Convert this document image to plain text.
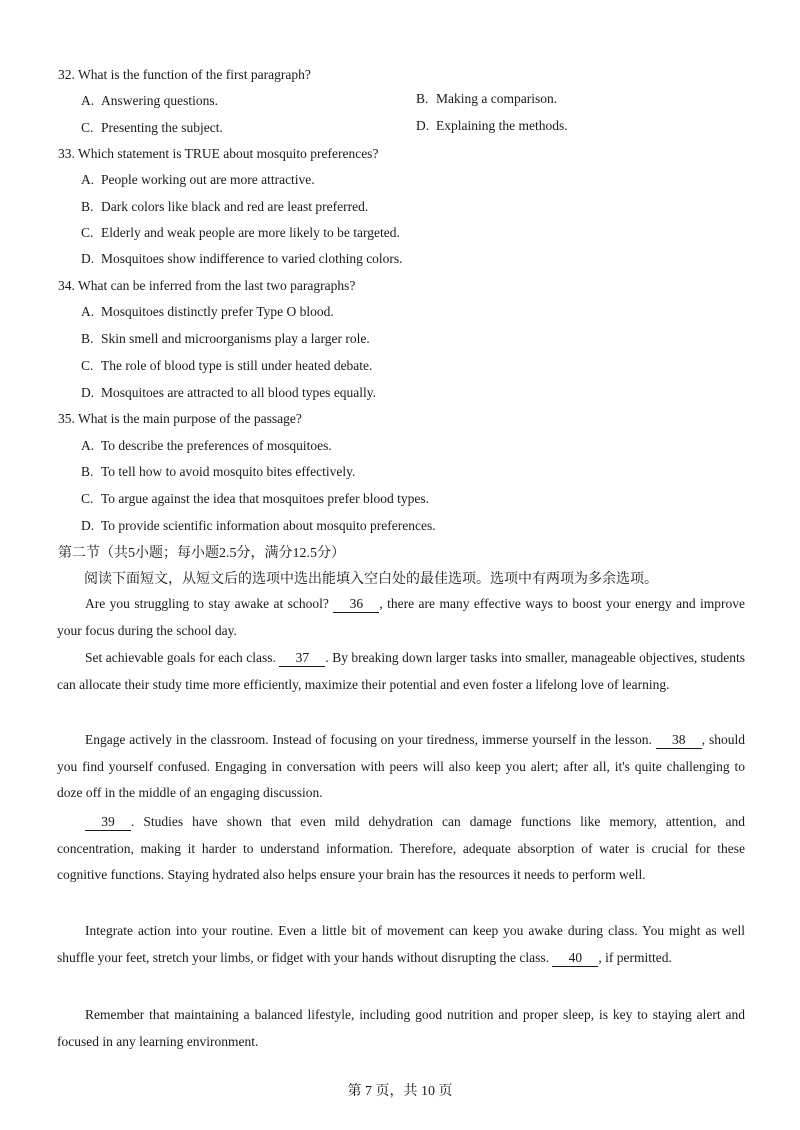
32. What is the function of the first paragraph?
A. Answering questions.	B. Making a comparison.
C. Presenting the subject.	D. Explaining the methods.
33. Which statement is TRUE about mosquito preferences?
A. People working out are more attractive.
B. Dark colors like black and red are least preferred.
C. Elderly and weak people are more likely to be targeted.
D. Mosquitoes show indifference to varied clothing colors.
34. What can be inferred from the last two paragraphs?
A. Mosquitoes distinctly prefer Type O blood.
B. Skin smell and microorganisms play a larger role.
C. The role of blood type is still under heated debate.
D. Mosquitoes are attracted to all blood types equally.
35. What is the main purpose of the passage?
A. To describe the preferences of mosquitoes.
B. To tell how to avoid mosquito bites effectively.
C. To argue against the idea that mosquitoes prefer blood types.
D. To provide scientific information about mosquito preferences.
第二节（共5小题；每小题2.5分，满分12.5分）
阅读下面短文，从短文后的选项中选出能填入空白处的最佳选项。选项中有两项为多余选项。

Are you struggling to stay awake at school? 36 , there are many effective ways to boost your energy and improve your focus during the school day.

Set achievable goals for each class. 37 . By breaking down larger tasks into smaller, manageable objectives, students can allocate their study time more efficiently, maximize their potential and even foster a lifelong love of learning.

Engage actively in the classroom. Instead of focusing on your tiredness, immerse yourself in the lesson. 38 , should you find yourself confused. Engaging in conversation with peers will also keep you alert; after all, it's quite challenging to doze off in the middle of an engaging discussion.

39 . Studies have shown that even mild dehydration can damage functions like memory, attention, and concentration, making it harder to understand information. Therefore, adequate absorption of water is crucial for these cognitive functions. Staying hydrated also helps ensure your brain has the resources it needs to perform well.

Integrate action into your routine. Even a little bit of movement can keep you awake during class. You might as well shuffle your feet, stretch your limbs, or fidget with your hands without disrupting the class. 40 , if permitted.

Remember that maintaining a balanced lifestyle, including good nutrition and proper sleep, is key to staying alert and focused in any learning environment.

第 7 页，共 10 页
